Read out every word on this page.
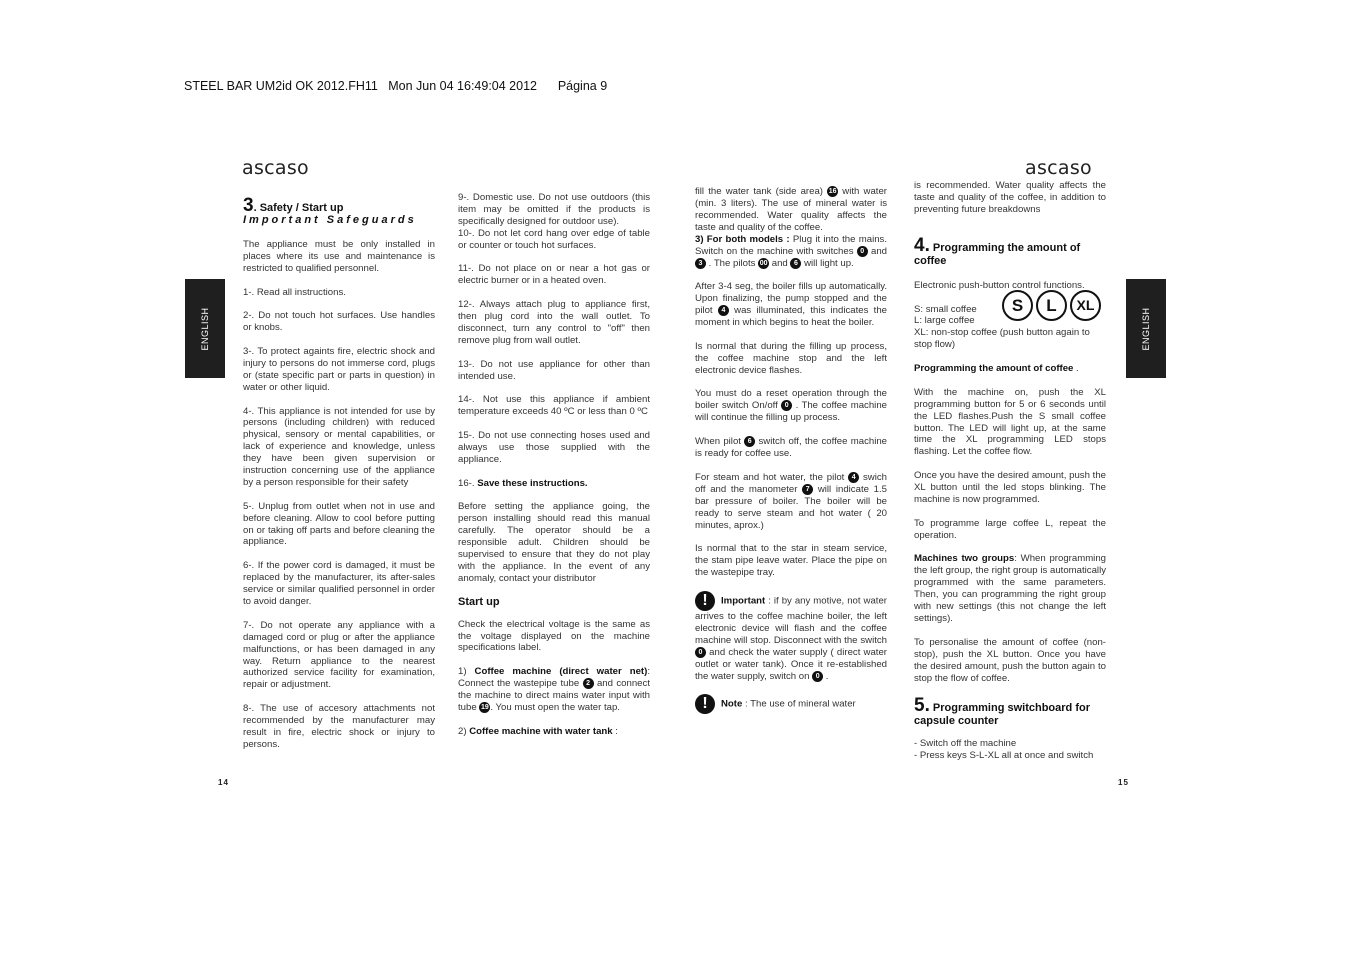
STEEL BAR UM2id OK 2012.FH11   Mon Jun 04 16:49:04 2012      Página 9
ascaso	ascaso
ENGLISH	ENGLISH
14	15
3. Safety / Start up
Important Safeguards

The appliance must be only installed in places where its use and maintenance is restricted to qualified personnel.

1-. Read all instructions.

2-. Do not touch hot surfaces. Use handles or knobs.

3-. To protect againts fire, electric shock and injury to persons do not immerse cord, plugs or (state specific part or parts in question) in water or other liquid.

4-. This appliance is not intended for use by persons (including children) with reduced physical, sensory or mental capabilities, or lack of experience and knowledge, unless they have been given supervision or instruction concerning use of the appliance by a person responsible for their safety

5-. Unplug from outlet when not in use and before cleaning. Allow to cool before putting on or taking off parts and before cleaning the appliance.

6-. If the power cord is damaged, it must be replaced by the manufacturer, its after-sales service or similar qualified personnel in order to avoid danger.

7-. Do not operate any appliance with a damaged cord or plug or after the appliance malfunctions, or has been damaged in any way. Return appliance to the nearest authorized service facility for examination, repair or adjustment.

8-. The use of accesory attachments not recommended by the manufacturer may result in fire, electric shock or injury to persons.

9-. Domestic use. Do not use outdoors (this item may be omitted if the products is specifically designed for outdoor use).

10-. Do not let cord hang over edge of table or counter or touch hot surfaces.

11-. Do not place on or near a hot gas or electric burner or in a heated oven.

12-. Always attach plug to appliance first, then plug cord into the wall outlet. To disconnect, turn any control to "off" then remove plug from wall outlet.

13-. Do not use appliance for other than intended use.

14-. Not use this appliance if ambient temperature exceeds 40 ºC or less than 0 ºC

15-. Do not use connecting hoses used and always use those supplied with the appliance.

16-. Save these instructions.

Before setting the appliance going, the person installing should read this manual carefully. The operator should be a responsible adult. Children should be supervised to ensure that they do not play with the appliance. In the event of any anomaly, contact your distributor

Start up

Check the electrical voltage is the same as the voltage displayed on the machine specifications label.

1) Coffee machine (direct water net): Connect the wastepipe tube 2 and connect the machine to direct mains water input with tube 19 . You must open the water tap.

2) Coffee machine with water tank :

fill the water tank (side area) 16 with water (min. 3 liters). The use of mineral water is recommended. Water quality affects the taste and quality of the coffee.

3) For both models : Plug it into the mains. Switch on the machine with switches 0 and 3 . The pilots 00 and 6 will light up.

After 3-4 seg, the boiler fills up automatically. Upon finalizing, the pump stopped and the pilot 4 was illuminated, this indicates the moment in which begins to heat the boiler.

Is normal that during the filling up process, the coffee machine stop and the left electronic device flashes.

You must do a reset operation through the boiler switch On/off 0 . The coffee machine will continue the filling up process.

When pilot 6 switch off, the coffee machine is ready for coffee use.

For steam and hot water, the pilot 4 swich off and the manometer 7 will indicate 1.5 bar pressure of boiler. The boiler will be ready to serve steam and hot water ( 20 minutes, aprox.)

Is normal that to the star in steam service, the stam pipe leave water. Place the pipe on the wastepipe tray.

! Important : if by any motive, not water arrives to the coffee machine boiler, the left electronic device will flash and the coffee machine will stop. Disconnect with the switch 0 and check the water supply ( direct water outlet or water tank). Once it re-established the water supply, switch on 0 .

! Note : The use of mineral water

is recommended. Water quality affects the taste and quality of the coffee, in addition to preventing future breakdowns

4. Programming the amount of coffee

Electronic push-button control functions.

S: small coffee
L: large coffee
XL: non-stop coffee (push button again to stop flow)

Programming the amount of coffee .

With the machine on, push the XL programming button for 5 or 6 seconds until the LED flashes.Push the S small coffee button. The LED will light up, at the same time the XL programming LED stops flashing. Let the coffee flow.

Once you have the desired amount, push the XL button until the led stops blinking. The machine is now programmed.

To programme large coffee L, repeat the operation.

Machines two groups: When programming the left group, the right group is automatically programmed with the same parameters. Then, you can programming the right group with new settings (this not change the left settings).

To personalise the amount of coffee (non-stop), push the XL button. Once you have the desired amount, push the button again to stop the flow of coffee.

5. Programming switchboard for capsule counter
- Switch off the machine
- Press keys S-L-XL all at once and switch
S	L	XL
